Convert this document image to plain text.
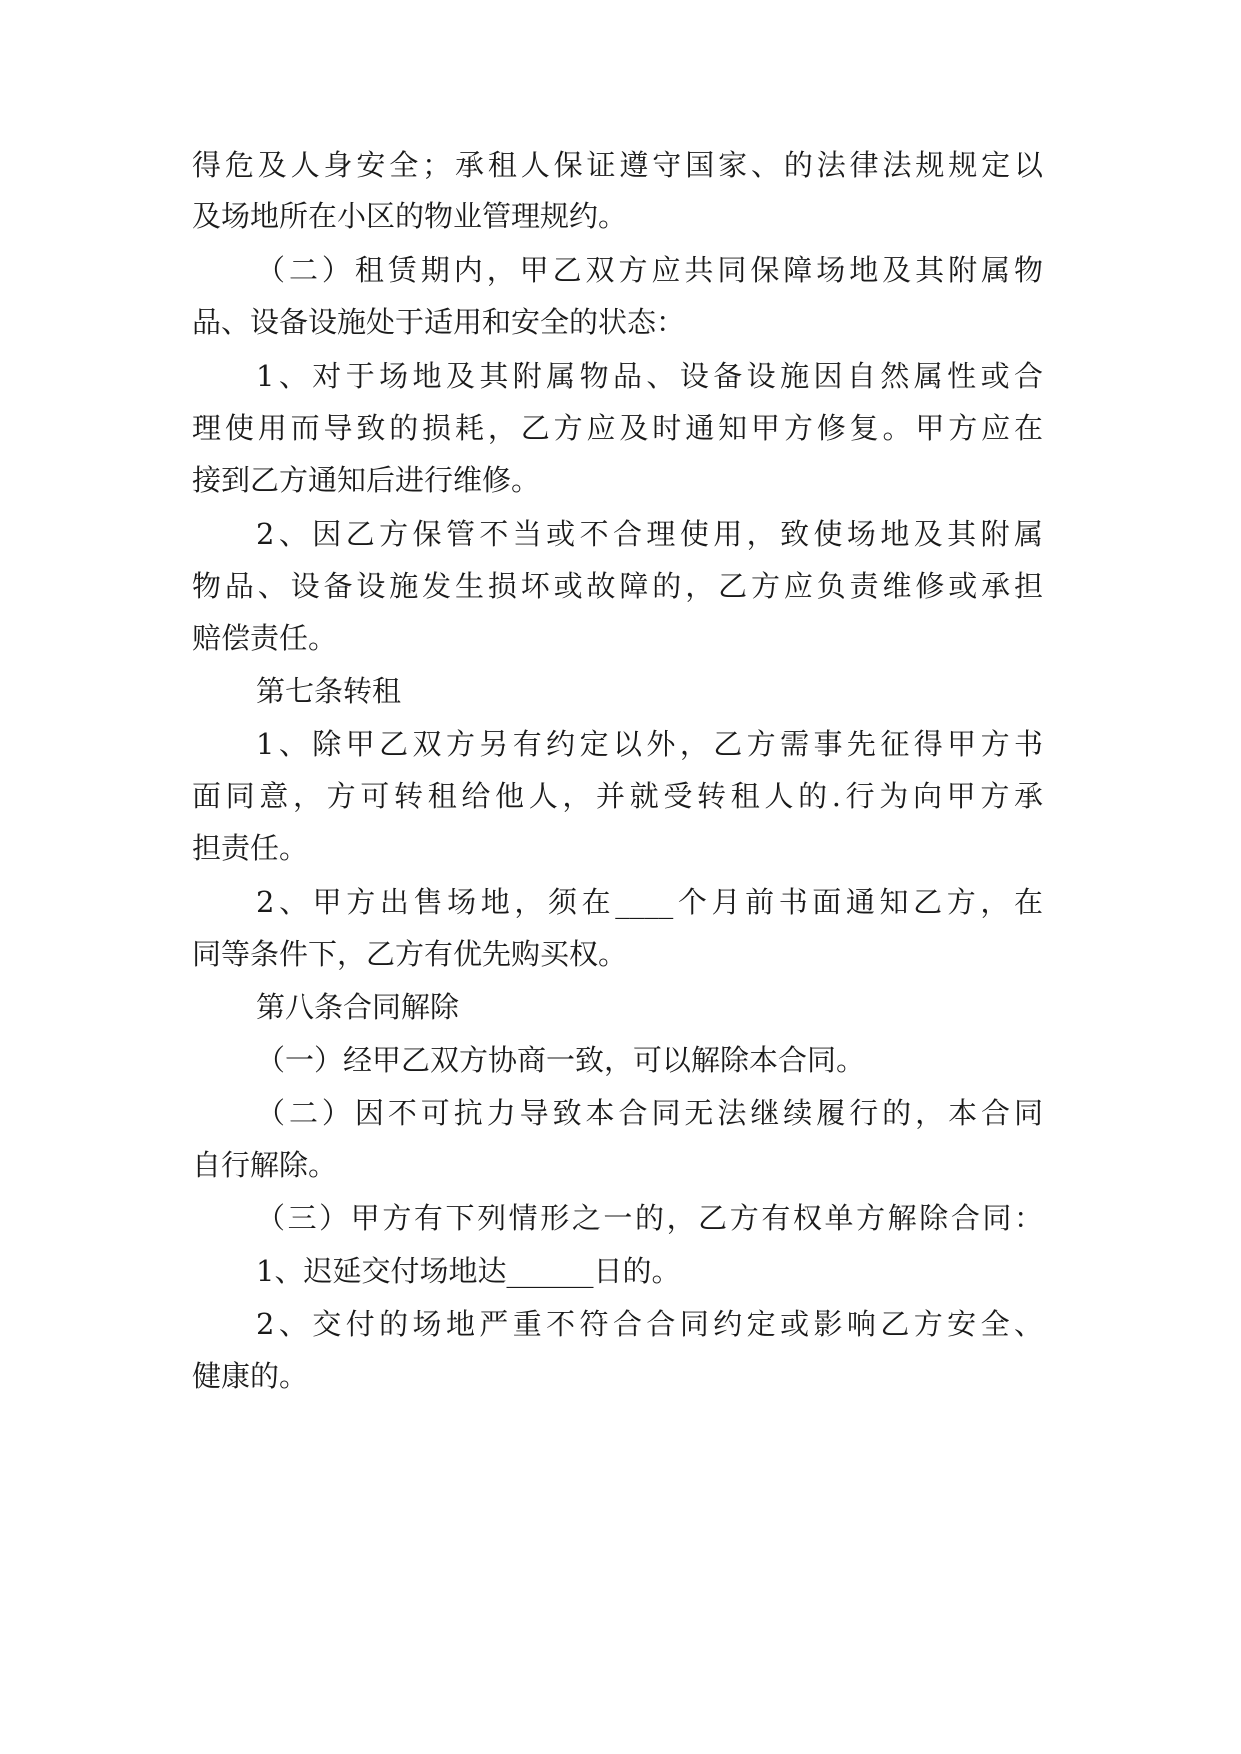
得危及人身安全；承租人保证遵守国家、的法律法规规定以
及场地所在小区的物业管理规约。
（二）租赁期内，甲乙双方应共同保障场地及其附属物
品、设备设施处于适用和安全的状态：
1、对于场地及其附属物品、设备设施因自然属性或合
理使用而导致的损耗，乙方应及时通知甲方修复。甲方应在
接到乙方通知后进行维修。
2、因乙方保管不当或不合理使用，致使场地及其附属
物品、设备设施发生损坏或故障的，乙方应负责维修或承担
赔偿责任。
第七条转租
1、除甲乙双方另有约定以外，乙方需事先征得甲方书
面同意，方可转租给他人，并就受转租人的.行为向甲方承
担责任。
2、甲方出售场地，须在____个月前书面通知乙方，在
同等条件下，乙方有优先购买权。
第八条合同解除
（一）经甲乙双方协商一致，可以解除本合同。
（二）因不可抗力导致本合同无法继续履行的，本合同
自行解除。
（三）甲方有下列情形之一的，乙方有权单方解除合同：
1、迟延交付场地达______日的。
2、交付的场地严重不符合合同约定或影响乙方安全、
健康的。
